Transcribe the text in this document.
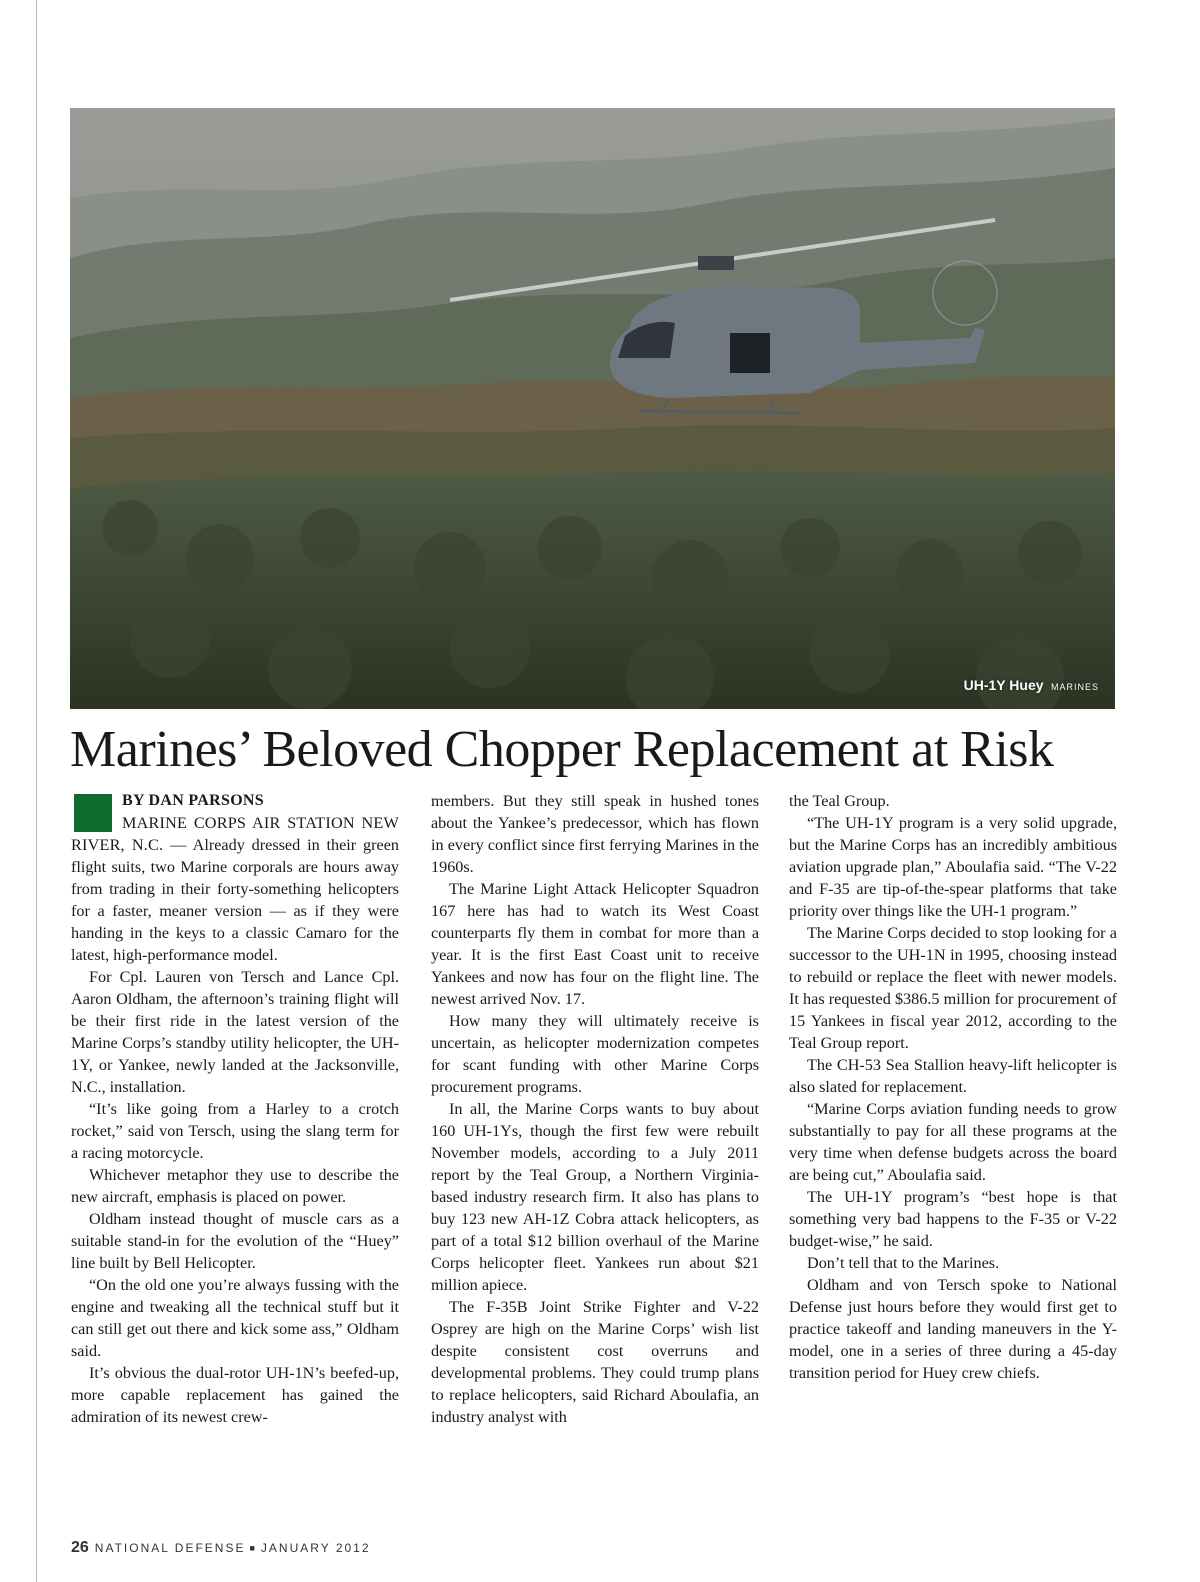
UH-1Y Huey MARINES
Marines’ Beloved Chopper Replacement at Risk
BY DAN PARSONS

MARINE CORPS AIR STATION NEW RIVER, N.C. — Already dressed in their green flight suits, two Marine corporals are hours away from trading in their forty-something helicopters for a faster, meaner version — as if they were handing in the keys to a classic Camaro for the latest, high-performance model.

For Cpl. Lauren von Tersch and Lance Cpl. Aaron Oldham, the afternoon’s training flight will be their first ride in the latest version of the Marine Corps’s standby utility helicopter, the UH-1Y, or Yankee, newly landed at the Jacksonville, N.C., installation.

“It’s like going from a Harley to a crotch rocket,” said von Tersch, using the slang term for a racing motorcycle.

Whichever metaphor they use to describe the new aircraft, emphasis is placed on power.

Oldham instead thought of muscle cars as a suitable stand-in for the evolution of the “Huey” line built by Bell Helicopter.

“On the old one you’re always fussing with the engine and tweaking all the technical stuff but it can still get out there and kick some ass,” Oldham said.

It’s obvious the dual-rotor UH-1N’s beefed-up, more capable replacement has gained the admiration of its newest crew-

members. But they still speak in hushed tones about the Yankee’s predecessor, which has flown in every conflict since first ferrying Marines in the 1960s.

The Marine Light Attack Helicopter Squadron 167 here has had to watch its West Coast counterparts fly them in combat for more than a year. It is the first East Coast unit to receive Yankees and now has four on the flight line. The newest arrived Nov. 17.

How many they will ultimately receive is uncertain, as helicopter modernization competes for scant funding with other Marine Corps procurement programs.

In all, the Marine Corps wants to buy about 160 UH-1Ys, though the first few were rebuilt November models, according to a July 2011 report by the Teal Group, a Northern Virginia-based industry research firm. It also has plans to buy 123 new AH-1Z Cobra attack helicopters, as part of a total $12 billion overhaul of the Marine Corps helicopter fleet. Yankees run about $21 million apiece.

The F-35B Joint Strike Fighter and V-22 Osprey are high on the Marine Corps’ wish list despite consistent cost overruns and developmental problems. They could trump plans to replace helicopters, said Richard Aboulafia, an industry analyst with

the Teal Group.

“The UH-1Y program is a very solid upgrade, but the Marine Corps has an incredibly ambitious aviation upgrade plan,” Aboulafia said. “The V-22 and F-35 are tip-of-the-spear platforms that take priority over things like the UH-1 program.”

The Marine Corps decided to stop looking for a successor to the UH-1N in 1995, choosing instead to rebuild or replace the fleet with newer models. It has requested $386.5 million for procurement of 15 Yankees in fiscal year 2012, according to the Teal Group report.

The CH-53 Sea Stallion heavy-lift helicopter is also slated for replacement.

“Marine Corps aviation funding needs to grow substantially to pay for all these programs at the very time when defense budgets across the board are being cut,” Aboulafia said.

The UH-1Y program’s “best hope is that something very bad happens to the F-35 or V-22 budget-wise,” he said.

Don’t tell that to the Marines.

Oldham and von Tersch spoke to National Defense just hours before they would first get to practice takeoff and landing maneuvers in the Y-model, one in a series of three during a 45-day transition period for Huey crew chiefs.

26 NATIONAL DEFENSE ■ JANUARY 2012
